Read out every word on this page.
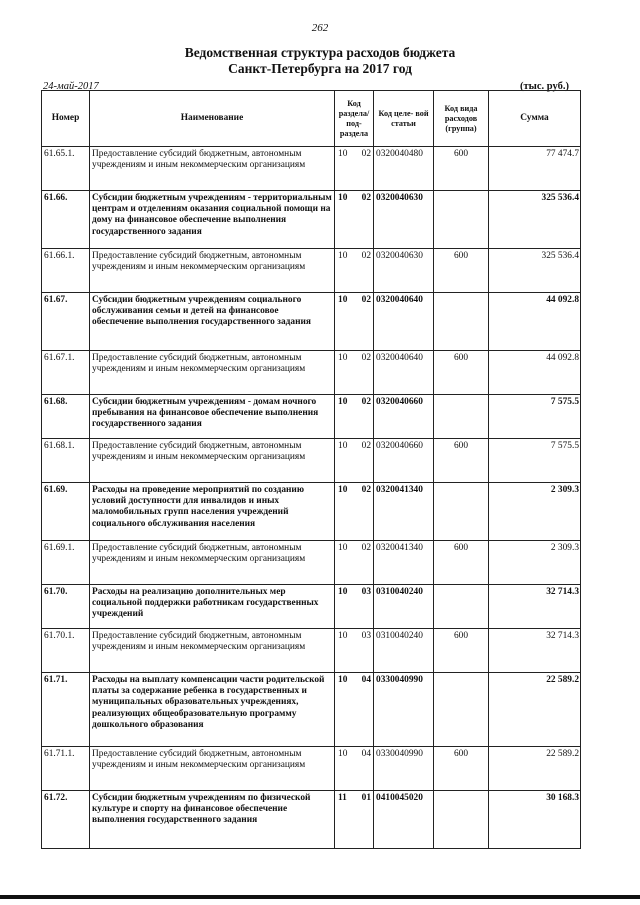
262
Ведомственная структура расходов бюджета
Санкт-Петербурга на 2017 год
24-май-2017	(тыс. руб.)
Номер	Наименование	Код раздела/ под- раздела	Код целе- вой статьи	Код вида расходов (группа)	Сумма
61.65.1.	Предоставление субсидий бюджетным, автономным учреждениям и иным некоммерческим организациям	10 02	0320040480	600	77 474.7
61.66.	Субсидии бюджетным учреждениям - территориальным центрам и отделениям оказания социальной помощи на дому на финансовое обеспечение выполнения государственного задания	10 02	0320040630		325 536.4
61.66.1.	Предоставление субсидий бюджетным, автономным учреждениям и иным некоммерческим организациям	10 02	0320040630	600	325 536.4
61.67.	Субсидии бюджетным учреждениям социального обслуживания семьи и детей на финансовое обеспечение выполнения государственного задания	10 02	0320040640		44 092.8
61.67.1.	Предоставление субсидий бюджетным, автономным учреждениям и иным некоммерческим организациям	10 02	0320040640	600	44 092.8
61.68.	Субсидии бюджетным учреждениям - домам ночного пребывания на финансовое обеспечение выполнения государственного задания	10 02	0320040660		7 575.5
61.68.1.	Предоставление субсидий бюджетным, автономным учреждениям и иным некоммерческим организациям	10 02	0320040660	600	7 575.5
61.69.	Расходы на проведение мероприятий по созданию условий доступности для инвалидов и иных маломобильных групп населения учреждений социального обслуживания населения	10 02	0320041340		2 309.3
61.69.1.	Предоставление субсидий бюджетным, автономным учреждениям и иным некоммерческим организациям	10 02	0320041340	600	2 309.3
61.70.	Расходы на реализацию дополнительных мер социальной поддержки работникам государственных учреждений	10 03	0310040240		32 714.3
61.70.1.	Предоставление субсидий бюджетным, автономным учреждениям и иным некоммерческим организациям	10 03	0310040240	600	32 714.3
61.71.	Расходы на выплату компенсации части родительской платы за содержание ребенка в государственных и муниципальных образовательных учреждениях, реализующих общеобразовательную программу дошкольного образования	10 04	0330040990		22 589.2
61.71.1.	Предоставление субсидий бюджетным, автономным учреждениям и иным некоммерческим организациям	10 04	0330040990	600	22 589.2
61.72.	Субсидии бюджетным учреждениям по физической культуре и спорту на финансовое обеспечение выполнения государственного задания	11 01	0410045020		30 168.3
